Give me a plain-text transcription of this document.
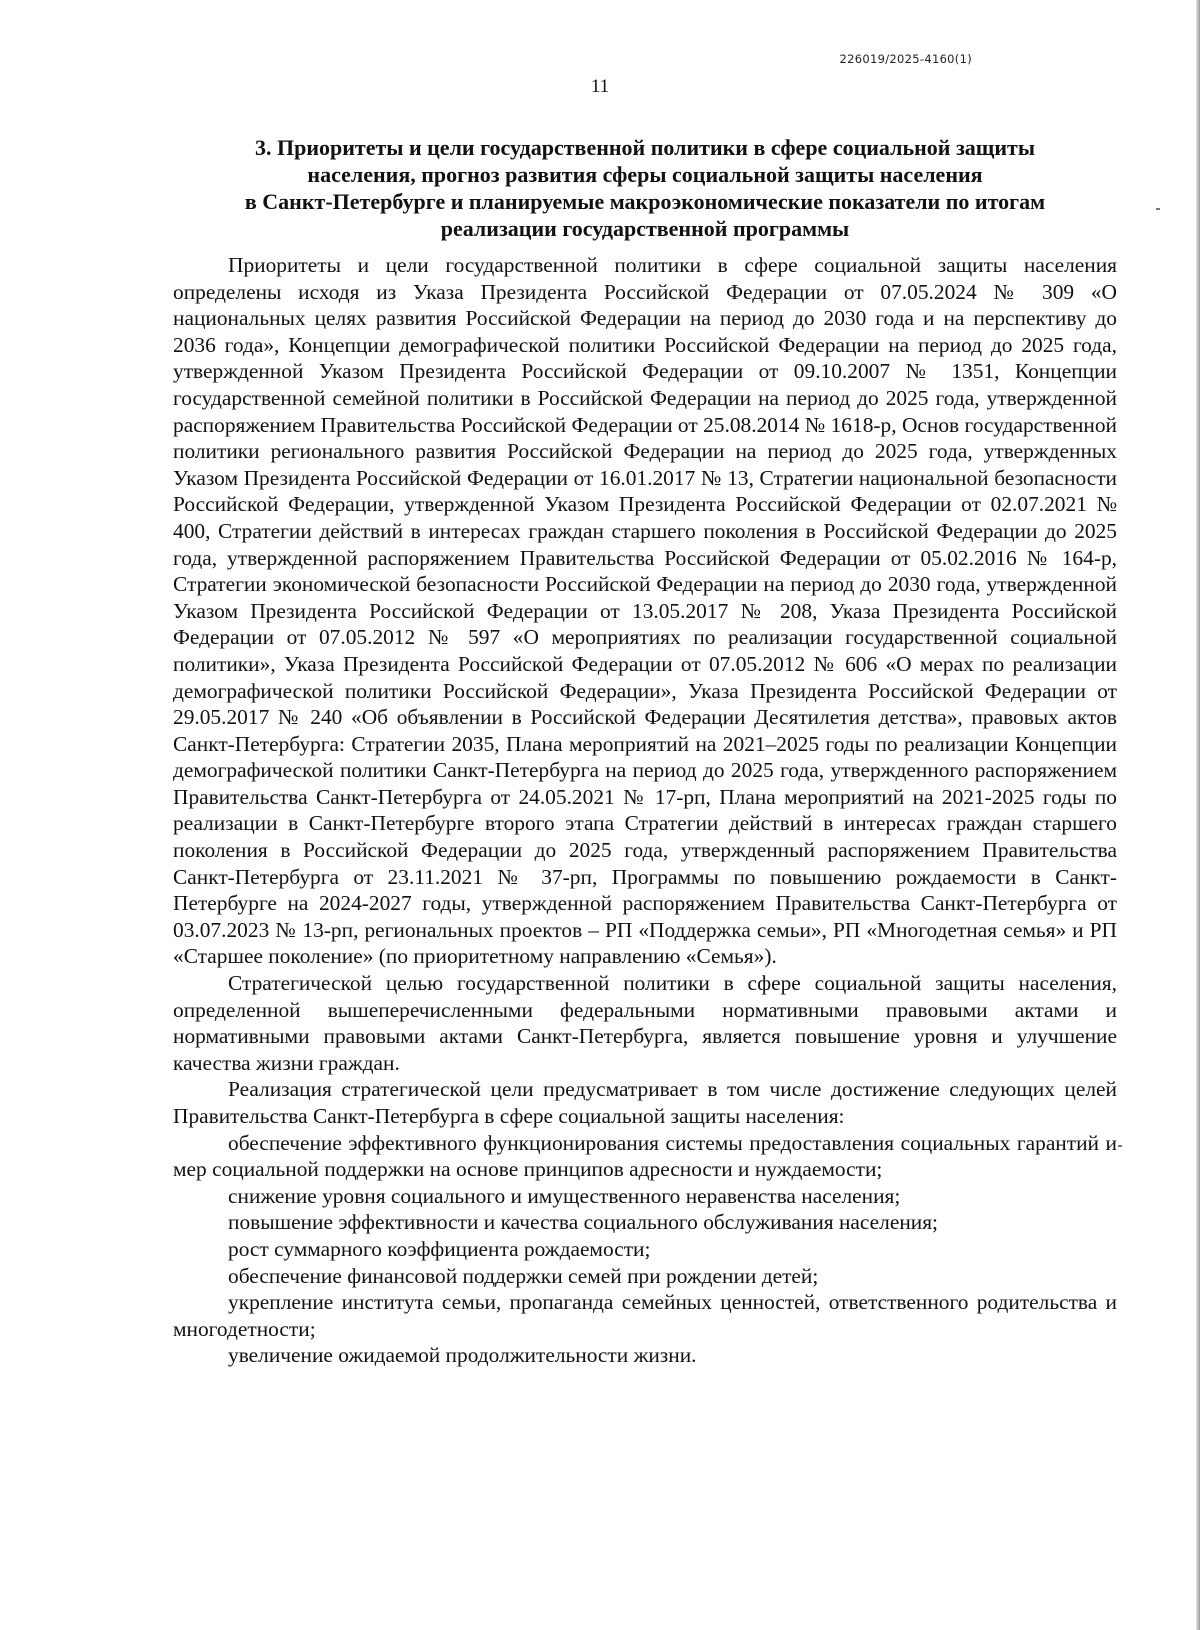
226019/2025-4160(1)
11
3. Приоритеты и цели государственной политики в сфере социальной защиты
населения, прогноз развития сферы социальной защиты населения
в Санкт-Петербурге и планируемые макроэкономические показатели по итогам
реализации государственной программы

Приоритеты и цели государственной политики в сфере социальной защиты населения определены исходя из Указа Президента Российской Федерации от 07.05.2024 № 309 «О национальных целях развития Российской Федерации на период до 2030 года и на перспективу до 2036 года», Концепции демографической политики Российской Федерации на период до 2025 года, утвержденной Указом Президента Российской Федерации от 09.10.2007 № 1351, Концепции государственной семейной политики в Российской Федерации на период до 2025 года, утвержденной распоряжением Правительства Российской Федерации от 25.08.2014 № 1618-р, Основ государственной политики регионального развития Российской Федерации на период до 2025 года, утвержденных Указом Президента Российской Федерации от 16.01.2017 № 13, Стратегии национальной безопасности Российской Федерации, утвержденной Указом Президента Российской Федерации от 02.07.2021 № 400, Стратегии действий в интересах граждан старшего поколения в Российской Федерации до 2025 года, утвержденной распоряжением Правительства Российской Федерации от 05.02.2016 № 164-р, Стратегии экономической безопасности Российской Федерации на период до 2030 года, утвержденной Указом Президента Российской Федерации от 13.05.2017 № 208, Указа Президента Российской Федерации от 07.05.2012 № 597 «О мероприятиях по реализации государственной социальной политики», Указа Президента Российской Федерации от 07.05.2012 № 606 «О мерах по реализации демографической политики Российской Федерации», Указа Президента Российской Федерации от 29.05.2017 № 240 «Об объявлении в Российской Федерации Десятилетия детства», правовых актов Санкт-Петербурга: Стратегии 2035, Плана мероприятий на 2021–2025 годы по реализации Концепции демографической политики Санкт-Петербурга на период до 2025 года, утвержденного распоряжением Правительства Санкт-Петербурга от 24.05.2021 № 17-рп, Плана мероприятий на 2021-2025 годы по реализации в Санкт-Петербурге второго этапа Стратегии действий в интересах граждан старшего поколения в Российской Федерации до 2025 года, утвержденный распоряжением Правительства Санкт-Петербурга от 23.11.2021 № 37-рп, Программы по повышению рождаемости в Санкт-Петербурге на 2024-2027 годы, утвержденной распоряжением Правительства Санкт-Петербурга от 03.07.2023 № 13-рп, региональных проектов – РП «Поддержка семьи», РП «Многодетная семья» и РП «Старшее поколение» (по приоритетному направлению «Семья»).

Стратегической целью государственной политики в сфере социальной защиты населения, определенной вышеперечисленными федеральными нормативными правовыми актами и нормативными правовыми актами Санкт-Петербурга, является повышение уровня и улучшение качества жизни граждан.

Реализация стратегической цели предусматривает в том числе достижение следующих целей Правительства Санкт-Петербурга в сфере социальной защиты населения:

обеспечение эффективного функционирования системы предоставления социальных гарантий и мер социальной поддержки на основе принципов адресности и нуждаемости;

снижение уровня социального и имущественного неравенства населения;

повышение эффективности и качества социального обслуживания населения;

рост суммарного коэффициента рождаемости;

обеспечение финансовой поддержки семей при рождении детей;

укрепление института семьи, пропаганда семейных ценностей, ответственного родительства и многодетности;

увеличение ожидаемой продолжительности жизни.
